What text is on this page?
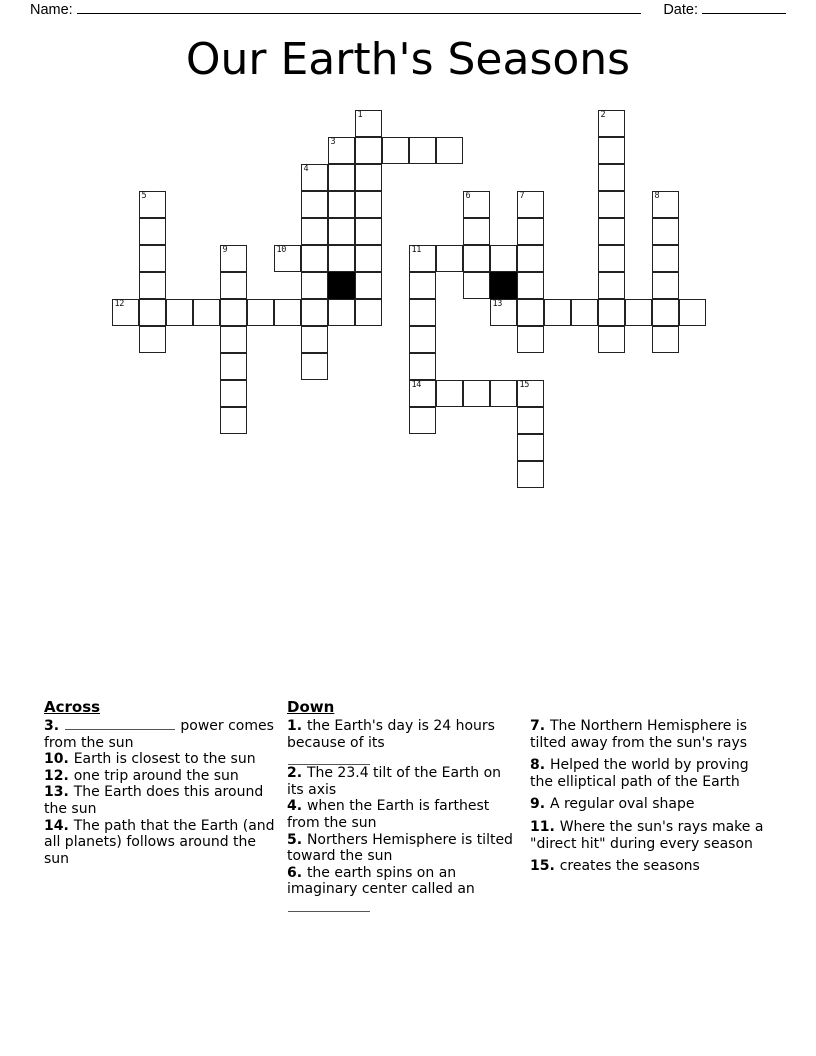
Name:	Date:
Our Earth's Seasons
1	2
3
4
5	6	7	8
9	10	11
12	13
14	15
Across
3.	power comes from the sun
10. Earth is closest to the sun
12. one trip around the sun
13. The Earth does this around the sun
14. The path that the Earth (and all planets) follows around the sun
Down
1. the Earth's day is 24 hours because of its
2. The 23.4 tilt of the Earth on its axis
4. when the Earth is farthest from the sun
5. Northers Hemisphere is tilted toward the sun
6. the earth spins on an imaginary center called an
7. The Northern Hemisphere is tilted away from the sun's rays
8. Helped the world by proving the elliptical path of the Earth
9. A regular oval shape
11. Where the sun's rays make a "direct hit" during every season
15. creates the seasons
